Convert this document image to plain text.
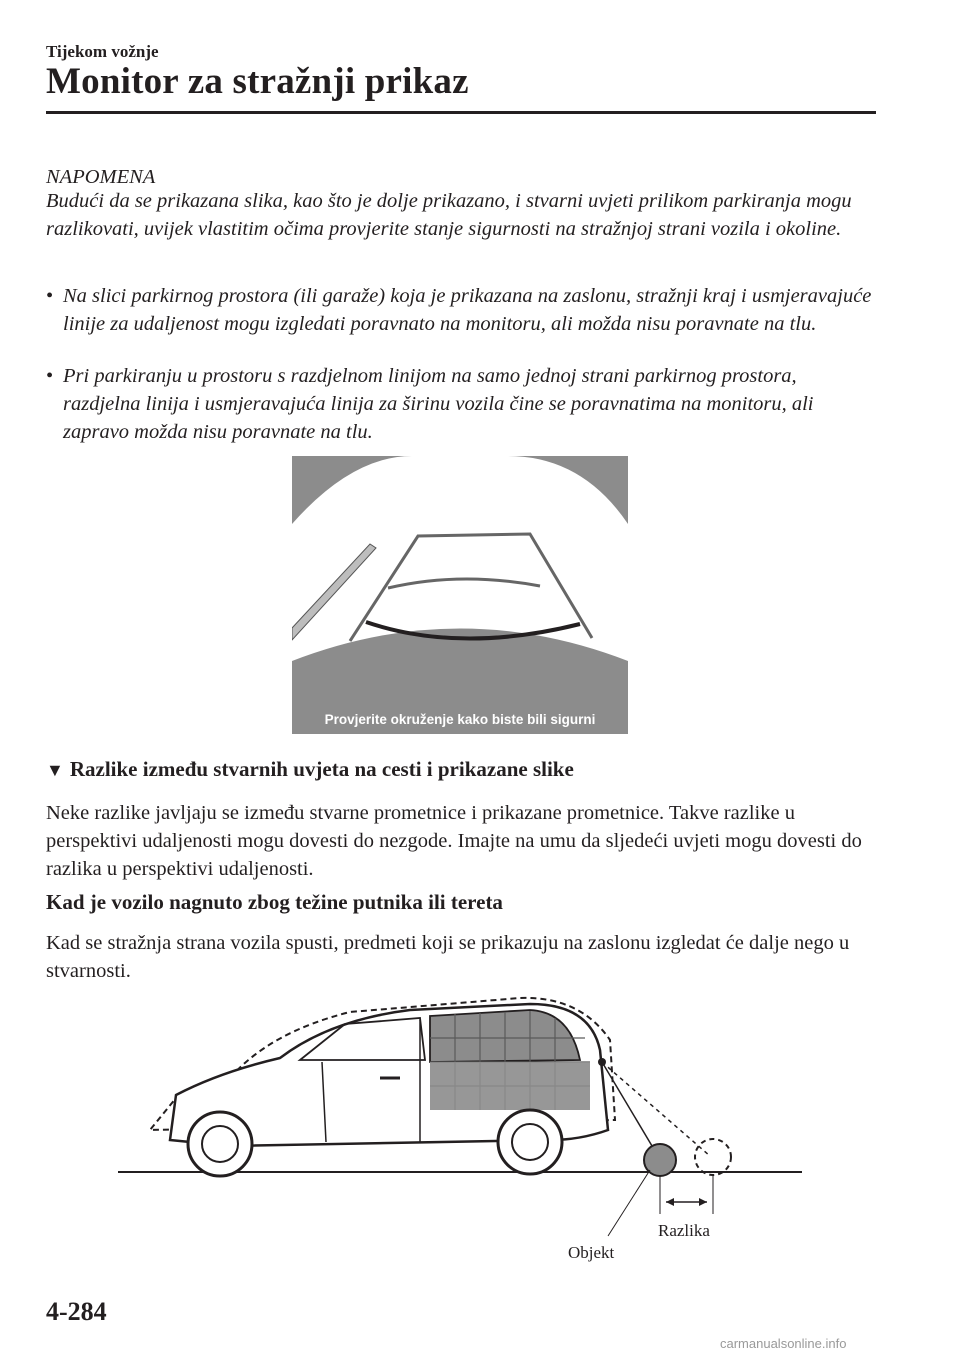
Tijekom vožnje
Monitor za stražnji prikaz
NAPOMENA
Budući da se prikazana slika, kao što je dolje prikazano, i stvarni uvjeti prilikom parkiranja mogu razlikovati, uvijek vlastitim očima provjerite stanje sigurnosti na stražnjoj strani vozila i okoline.
• Na slici parkirnog prostora (ili garaže) koja je prikazana na zaslonu, stražnji kraj i usmjeravajuće linije za udaljenost mogu izgledati poravnato na monitoru, ali možda nisu poravnate na tlu.
• Pri parkiranju u prostoru s razdjelnom linijom na samo jednoj strani parkirnog prostora, razdjelna linija i usmjeravajuća linija za širinu vozila čine se poravnatima na monitoru, ali zapravo možda nisu poravnate na tlu.
Provjerite okruženje kako biste bili sigurni
▼ Razlike između stvarnih uvjeta na cesti i prikazane slike
Neke razlike javljaju se između stvarne prometnice i prikazane prometnice. Takve razlike u perspektivi udaljenosti mogu dovesti do nezgode. Imajte na umu da sljedeći uvjeti mogu dovesti do razlika u perspektivi udaljenosti.
Kad je vozilo nagnuto zbog težine putnika ili tereta
Kad se stražnja strana vozila spusti, predmeti koji se prikazuju na zaslonu izgledat će dalje nego u stvarnosti.
Razlika
Objekt
4-284
carmanualsonline.info
